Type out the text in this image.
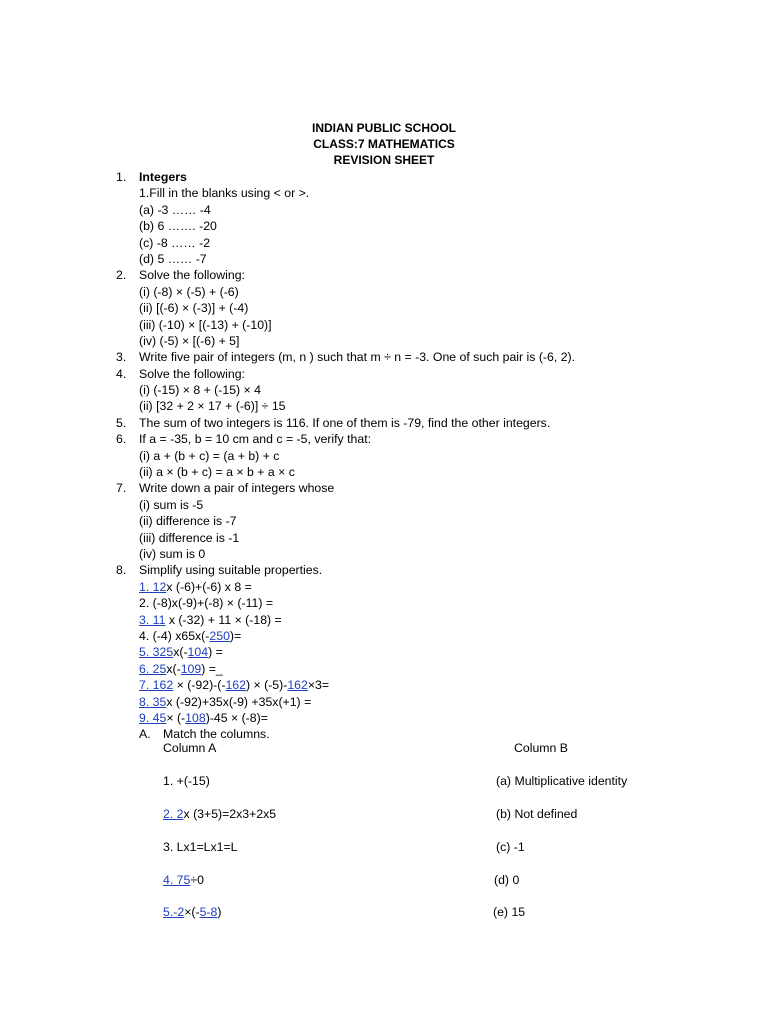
INDIAN PUBLIC SCHOOL
CLASS:7 MATHEMATICS
REVISION SHEET
1. Integers
1.Fill in the blanks using < or >.
(a) -3 …… -4
(b) 6 ……. -20
(c) -8 …… -2
(d) 5 …… -7
2. Solve the following:
(i) (-8) × (-5) + (-6)
(ii) [(-6) × (-3)] + (-4)
(iii) (-10) × [(-13) + (-10)]
(iv) (-5) × [(-6) + 5]
3. Write five pair of integers (m, n ) such that m ÷ n = -3. One of such pair is (-6, 2).
4. Solve the following:
(i) (-15) × 8 + (-15) × 4
(ii) [32 + 2 × 17 + (-6)] ÷ 15
5. The sum of two integers is 116. If one of them is -79, find the other integers.
6. If a = -35, b = 10 cm and c = -5, verify that:
(i) a + (b + c) = (a + b) + c
(ii) a × (b + c) = a × b + a × c
7. Write down a pair of integers whose
(i) sum is -5
(ii) difference is -7
(iii) difference is -1
(iv) sum is 0
8. Simplify using suitable properties.
1. 12x (-6)+(-6) x 8 =
2. (-8)x(-9)+(-8) × (-11) =
3. 11 x (-32) + 11 × (-18) =
4. (-4) x65x(-250)=
5. 325x(-104) =
6. 25x(-109) =_
7. 162 × (-92)-(-162) × (-5)-162×3=
8. 35x (-92)+35x(-9) +35x(+1) =
9. 45× (-108)-45 × (-8)=
A. Match the columns.
Column A	Column B
1. +(-15)	(a) Multiplicative identity
2. 2x (3+5)=2x3+2x5	(b) Not defined
3. Lx1=Lx1=L	(c) -1
4. 75÷0	(d) 0
5.-2×(-5-8)	(e) 15
